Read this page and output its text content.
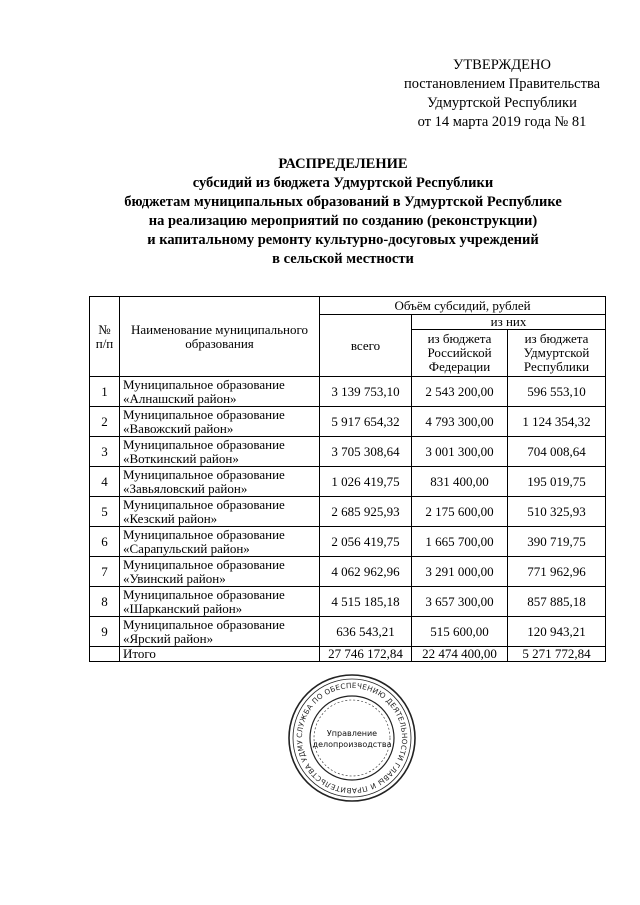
УТВЕРЖДЕНО
постановлением Правительства
Удмуртской Республики
от 14 марта 2019 года № 81
РАСПРЕДЕЛЕНИЕ
субсидий из бюджета Удмуртской Республики
бюджетам муниципальных образований в Удмуртской Республике
на реализацию мероприятий по созданию (реконструкции)
и капитальному ремонту культурно-досуговых учреждений
в сельской местности
№ п/п	Наименование муниципального образования	Объём субсидий, рублей		
		всего	из них	
			из бюджета Российской Федерации	из бюджета Удмуртской Республики
1	Муниципальное образование
«Алнашский район»	3 139 753,10	2 543 200,00	596 553,10
2	Муниципальное образование
«Вавожский район»	5 917 654,32	4 793 300,00	1 124 354,32
3	Муниципальное образование
«Воткинский район»	3 705 308,64	3 001 300,00	704 008,64
4	Муниципальное образование
«Завьяловский район»	1 026 419,75	831 400,00	195 019,75
5	Муниципальное образование
«Кезский район»	2 685 925,93	2 175 600,00	510 325,93
6	Муниципальное образование
«Сарапульский район»	2 056 419,75	1 665 700,00	390 719,75
7	Муниципальное образование
«Увинский район»	4 062 962,96	3 291 000,00	771 962,96
8	Муниципальное образование
«Шарканский район»	4 515 185,18	3 657 300,00	857 885,18
9	Муниципальное образование
«Ярский район»	636 543,21	515 600,00	120 943,21
	Итого	27 746 172,84	22 474 400,00	5 271 772,84
СЛУЖБА ПО ОБЕСПЕЧЕНИЮ ДЕЯТЕЛЬНОСТИ ГЛАВЫ И ПРАВИТЕЛЬСТВА УДМУ
Управление
делопроизводства
